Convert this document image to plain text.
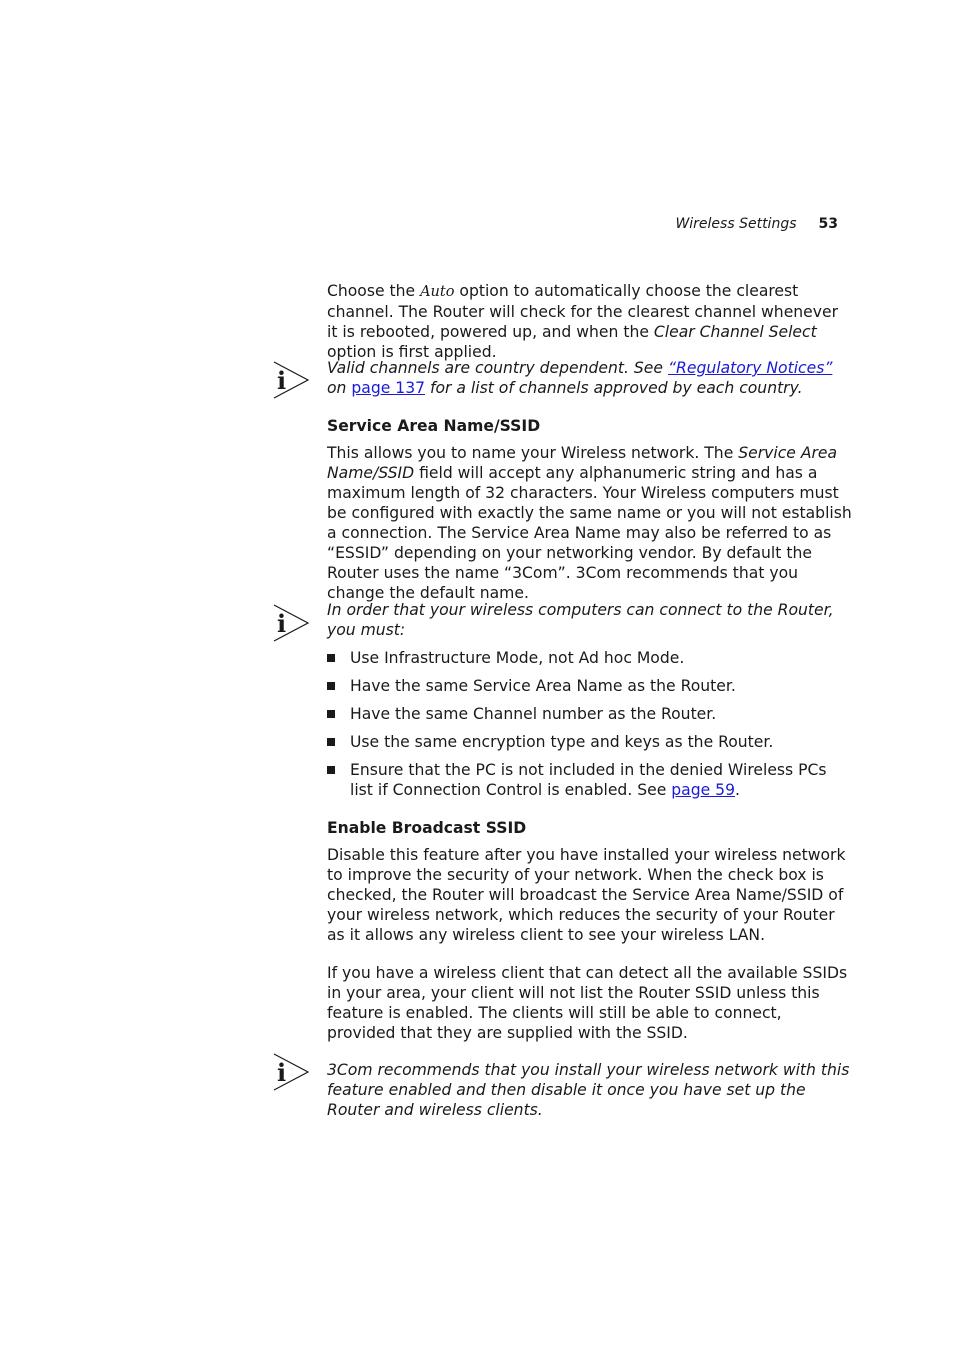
Wireless Settings 53

Choose the Auto option to automatically choose the clearest channel. The Router will check for the clearest channel whenever it is rebooted, powered up, and when the Clear Channel Select option is first applied.

i	Valid channels are country dependent. See “Regulatory Notices” on page 137 for a list of channels approved by each country.

Service Area Name/SSID

This allows you to name your Wireless network. The Service Area Name/SSID field will accept any alphanumeric string and has a maximum length of 32 characters. Your Wireless computers must be configured with exactly the same name or you will not establish a connection. The Service Area Name may also be referred to as “ESSID” depending on your networking vendor. By default the Router uses the name “3Com”. 3Com recommends that you change the default name.

i	In order that your wireless computers can connect to the Router, you must:

Use Infrastructure Mode, not Ad hoc Mode.
Have the same Service Area Name as the Router.
Have the same Channel number as the Router.
Use the same encryption type and keys as the Router.
Ensure that the PC is not included in the denied Wireless PCs list if Connection Control is enabled. See page 59.
Enable Broadcast SSID

Disable this feature after you have installed your wireless network to improve the security of your network. When the check box is checked, the Router will broadcast the Service Area Name/SSID of your wireless network, which reduces the security of your Router as it allows any wireless client to see your wireless LAN.

If you have a wireless client that can detect all the available SSIDs in your area, your client will not list the Router SSID unless this feature is enabled. The clients will still be able to connect, provided that they are supplied with the SSID.

i	3Com recommends that you install your wireless network with this feature enabled and then disable it once you have set up the Router and wireless clients.
